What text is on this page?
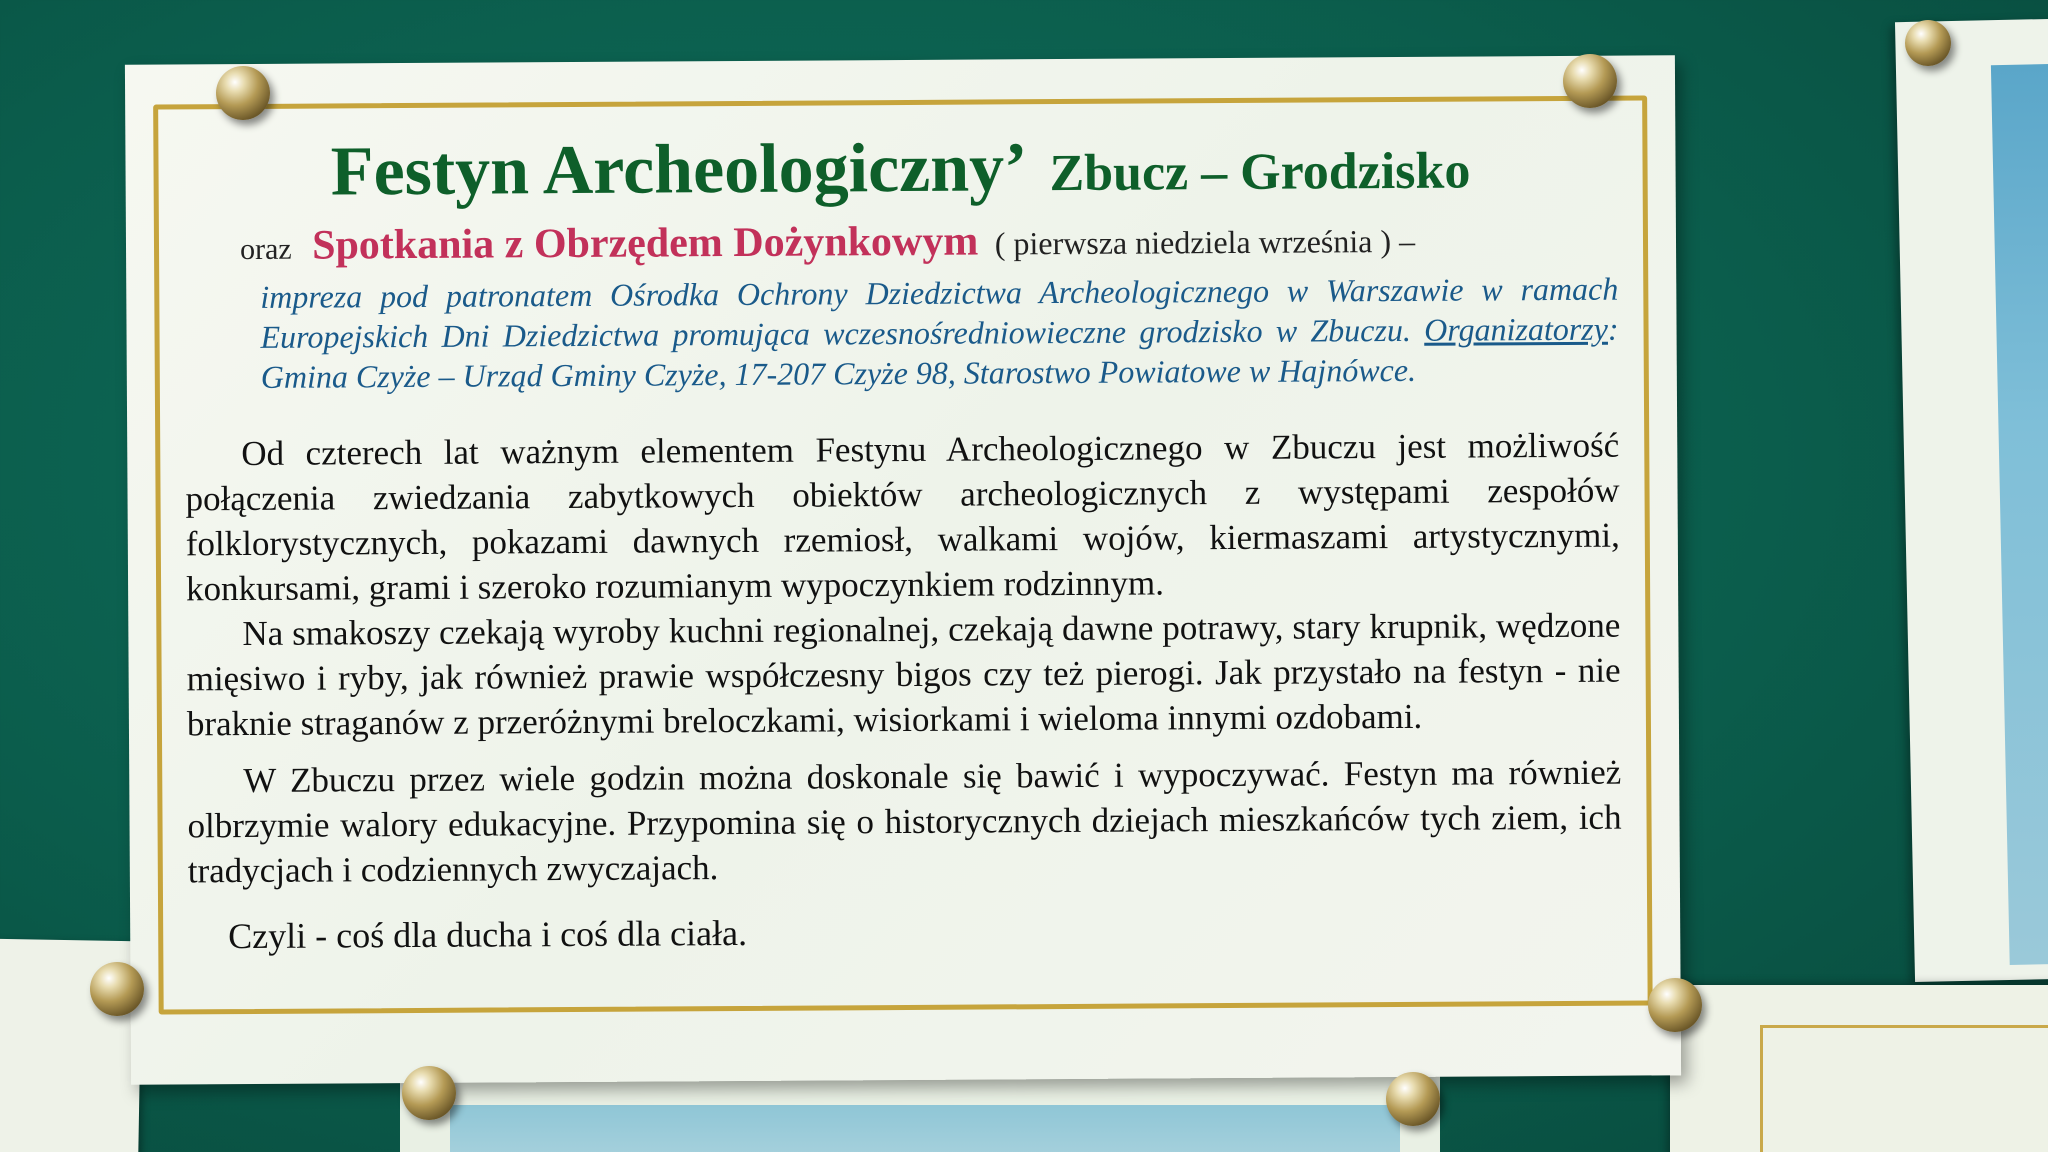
Festyn Archeologiczny’ Zbucz – Grodzisko
oraz Spotkania z Obrzędem Dożynkowym ( pierwsza niedziela września ) –
impreza pod patronatem Ośrodka Ochrony Dziedzictwa Archeologicznego w Warszawie w ramach Europejskich Dni Dziedzictwa promująca wczesnośredniowieczne grodzisko w Zbuczu. Organizatorzy: Gmina Czyże – Urząd Gminy Czyże, 17-207 Czyże 98, Starostwo Powiatowe w Hajnówce.

Od czterech lat ważnym elementem Festynu Archeologicznego w Zbuczu jest możliwość połączenia zwiedzania zabytkowych obiektów archeologicznych z występami zespołów folklorystycznych, pokazami dawnych rzemiosł, walkami wojów, kiermaszami artystycznymi, konkursami, grami i szeroko rozumianym wypoczynkiem rodzinnym.

Na smakoszy czekają wyroby kuchni regionalnej, czekają dawne potrawy, stary krupnik, wędzone mięsiwo i ryby, jak również prawie współczesny bigos czy też pierogi. Jak przystało na festyn - nie braknie straganów z przeróżnymi breloczkami, wisiorkami i wieloma innymi ozdobami.

W Zbuczu przez wiele godzin można doskonale się bawić i wypoczywać. Festyn ma również olbrzymie walory edukacyjne. Przypomina się o historycznych dziejach mieszkańców tych ziem, ich tradycjach i codziennych zwyczajach.

Czyli - coś dla ducha i coś dla ciała.
